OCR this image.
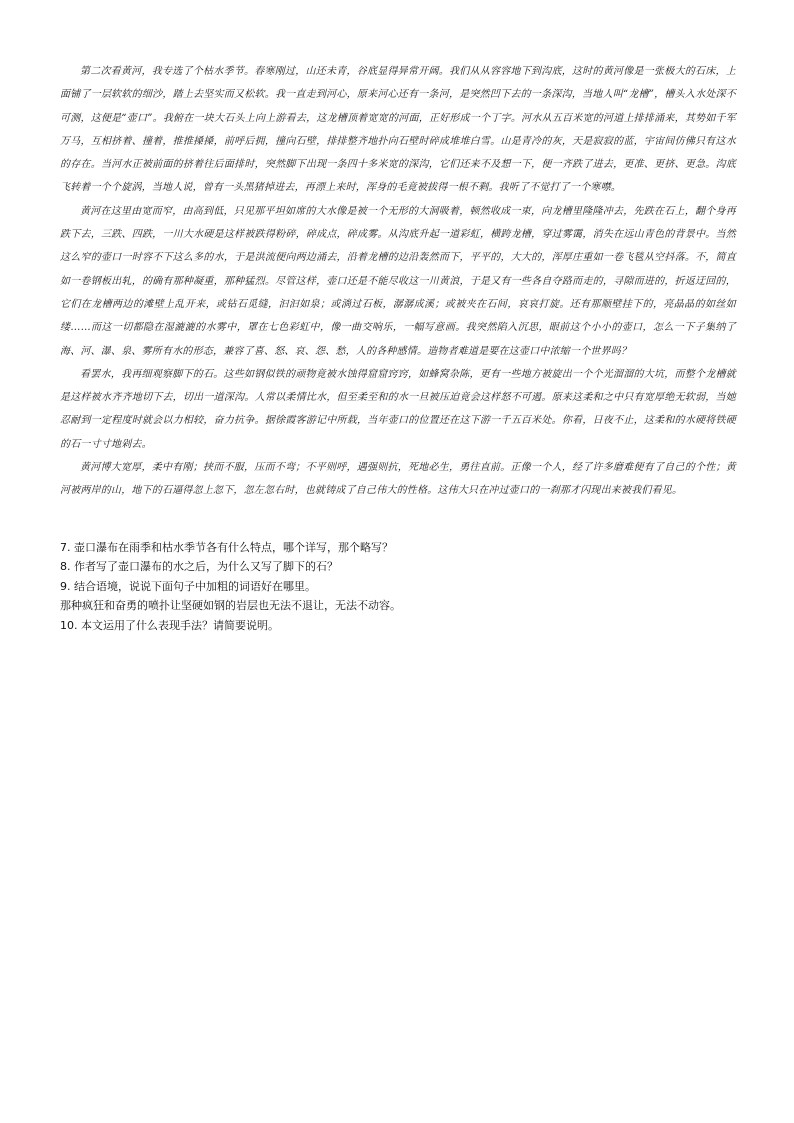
第二次看黄河，我专选了个枯水季节。春寒刚过，山还未青，谷底显得异常开阔。我们从从容容地下到沟底，这时的黄河像是一张极大的石床，上面铺了一层软软的细沙，踏上去坚实而又松软。我一直走到河心，原来河心还有一条河，是突然凹下去的一条深沟，当地人叫“龙槽”，槽头入水处深不可测，这便是“壶口”。我俯在一块大石头上向上游看去，这龙槽顶着宽宽的河面，正好形成一个丁字。河水从五百米宽的河道上排排涌来，其势如千军万马，互相挤着、撞着，推推搡搡，前呼后拥，撞向石壁，排排整齐地扑向石壁时碎成堆堆白雪。山是青冷的灰，天是寂寂的蓝，宇宙间仿佛只有这水的存在。当河水正被前面的挤着往后面排时，突然脚下出现一条四十多米宽的深沟，它们还来不及想一下，便一齐跌了进去，更准、更挤、更急。沟底飞转着一个个旋涡，当地人说，曾有一头黑猪掉进去，再漂上来时，浑身的毛竟被拔得一根不剩。我听了不觉打了一个寒噤。

黄河在这里由宽而窄，由高到低，只见那平坦如席的大水像是被一个无形的大洞吸着，顿然收成一束，向龙槽里隆隆冲去，先跌在石上，翻个身再跌下去，三跌、四跌，一川大水硬是这样被跌得粉碎，碎成点，碎成雾。从沟底升起一道彩虹，横跨龙槽，穿过雾霭，消失在远山青色的背景中。当然这么窄的壶口一时容不下这么多的水，于是洪流便向两边涌去，沿着龙槽的边沿轰然而下，平平的，大大的，浑厚庄重如一卷飞毯从空抖落。不，简直如一卷钢板出轧，的确有那种凝重，那种猛烈。尽管这样，壶口还是不能尽收这一川黄浪，于是又有一些各自夺路而走的，寻隙而进的，折返迂回的，它们在龙槽两边的滩壁上乱开来，或钻石觅缝，汩汩如泉；或淌过石板，潺潺成溪；或被夹在石间，哀哀打旋。还有那顺壁挂下的，亮晶晶的如丝如缕……而这一切都隐在湿漉漉的水雾中，罩在七色彩虹中，像一曲交响乐，一幅写意画。我突然陷入沉思，眼前这个小小的壶口，怎么一下子集纳了海、河、瀑、泉、雾所有水的形态，兼容了喜、怒、哀、怨、愁，人的各种感情。造物者难道是要在这壶口中浓缩一个世界吗？

看罢水，我再细观察脚下的石。这些如钢似铁的顽物竟被水蚀得窟窟窍窍，如蜂窝杂陈，更有一些地方被旋出一个个光溜溜的大坑，而整个龙槽就是这样被水齐齐地切下去，切出一道深沟。人常以柔情比水，但至柔至和的水一旦被压迫竟会这样怒不可遏。原来这柔和之中只有宽厚绝无软弱，当她忍耐到一定程度时就会以力相较，奋力抗争。据徐霞客游记中所载，当年壶口的位置还在这下游一千五百米处。你看，日夜不止，这柔和的水硬将铁硬的石一寸寸地剁去。

黄河博大宽厚，柔中有刚；挟而不服，压而不弯；不平则呼，遇强则抗，死地必生，勇往直前。正像一个人，经了许多磨难便有了自己的个性；黄河被两岸的山，地下的石逼得忽上忽下，忽左忽右时，也就铸成了自己伟大的性格。这伟大只在冲过壶口的一刹那才闪现出来被我们看见。

7. 壶口瀑布在雨季和枯水季节各有什么特点，哪个详写，那个略写？
8. 作者写了壶口瀑布的水之后，为什么又写了脚下的石？
9. 结合语境，说说下面句子中加粗的词语好在哪里。
那种疯狂和奋勇的喷扑让坚硬如钢的岩层也无法不退让，无法不动容。
10. 本文运用了什么表现手法？请简要说明。
